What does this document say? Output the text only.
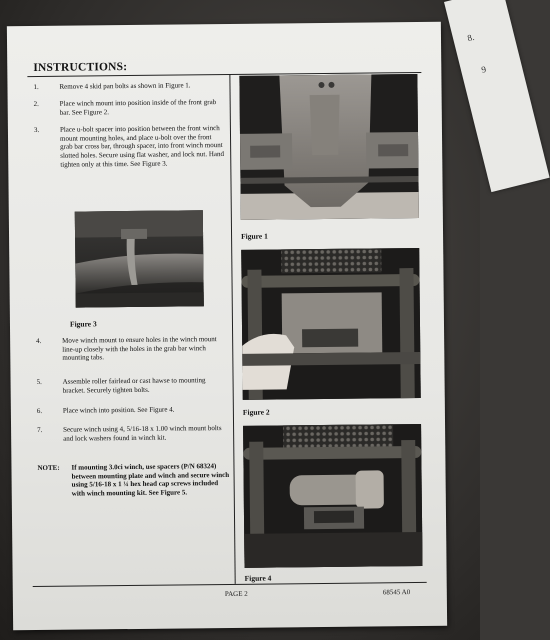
8.
9
INSTRUCTIONS:
1.	Remove 4 skid pan bolts as shown in Figure 1.
2.	Place winch mount into position inside of the front grab bar. See Figure 2.
3.	Place u-bolt spacer into position between the front winch mount mounting holes, and place u-bolt over the front grab bar cross bar, through spacer, into front winch mount slotted holes. Secure using flat washer, and lock nut. Hand tighten only at this time. See Figure 3.
Figure 3
4.	Move winch mount to ensure holes in the winch mount line-up closely with the holes in the grab bar winch mounting tabs.
5.	Assemble roller fairlead or cast hawse to mounting bracket. Securely tighten bolts.
6.	Place winch into position. See Figure 4.
7.	Secure winch using 4, 5/16-18 x 1.00 winch mount bolts and lock washers found in winch kit.
NOTE: If mounting 3.0ci winch, use spacers (P/N 68324) between mounting plate and winch and secure winch using 5/16-18 x 1 ¼ hex head cap screws included with winch mounting kit. See Figure 5.
Figure 1
Figure 2
Figure 4
PAGE 2	68545 A0
